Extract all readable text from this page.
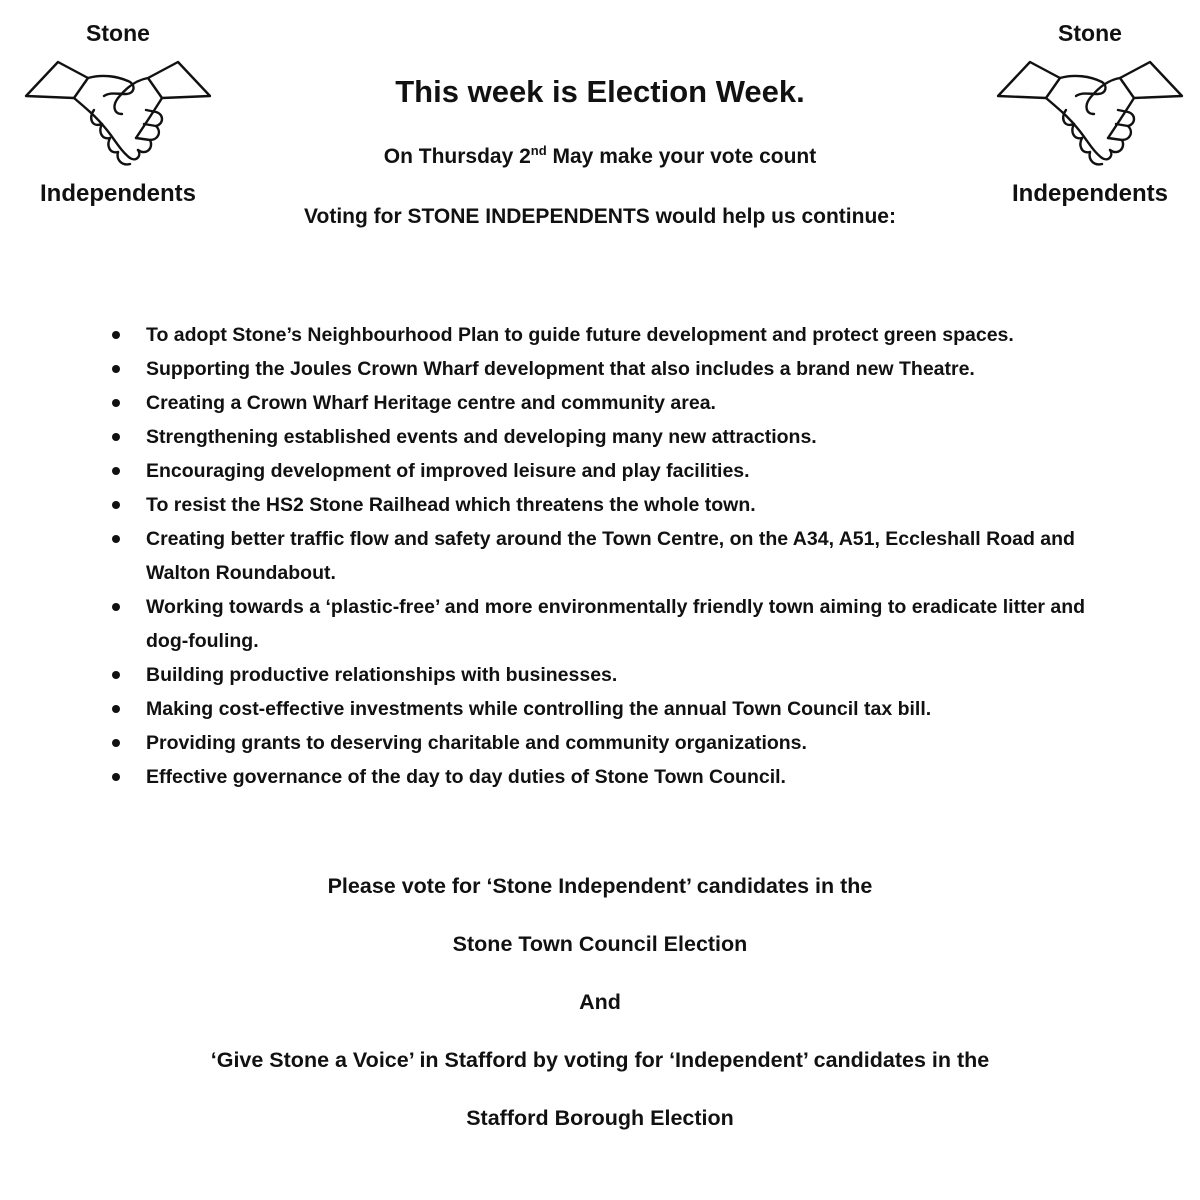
Stone
Independents
Stone
Independents
This week is Election Week.
On Thursday 2nd May make your vote count
Voting for STONE INDEPENDENTS would help us continue:
To adopt Stone’s Neighbourhood Plan to guide future development and protect green spaces.
Supporting the Joules Crown Wharf development that also includes a brand new Theatre.
Creating a Crown Wharf Heritage centre and community area.
Strengthening established events and developing many new attractions.
Encouraging development of improved leisure and play facilities.
To resist the HS2 Stone Railhead which threatens the whole town.
Creating better traffic flow and safety around the Town Centre, on the A34, A51, Eccleshall Road and Walton Roundabout.
Working towards a ‘plastic-free’ and more environmentally friendly town aiming to eradicate litter and dog-fouling.
Building productive relationships with businesses.
Making cost-effective investments while controlling the annual Town Council tax bill.
Providing grants to deserving charitable and community organizations.
Effective governance of the day to day duties of Stone Town Council.
Please vote for ‘Stone Independent’ candidates in the
Stone Town Council Election
And
‘Give Stone a Voice’ in Stafford by voting for ‘Independent’ candidates in the
Stafford Borough Election
